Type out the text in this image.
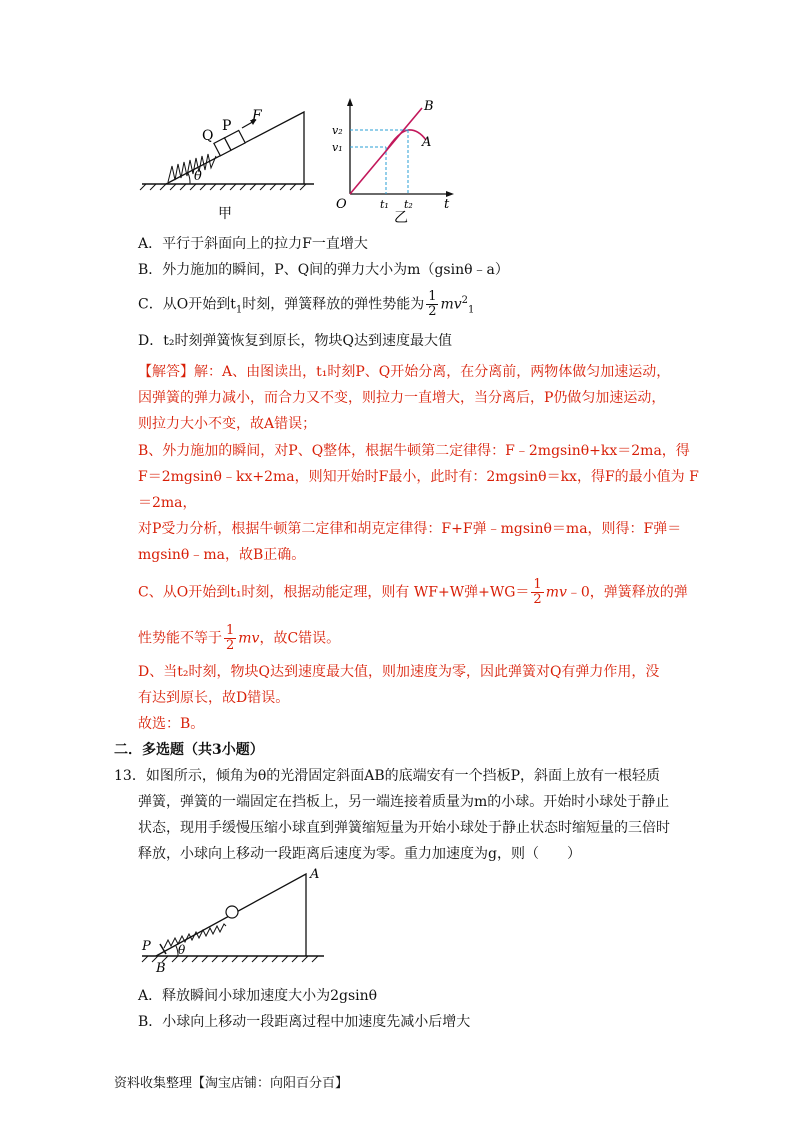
Q
P
F
θ
甲
B
A
v₂
v₁
O	t₁ t₂ t
乙
A．平行于斜面向上的拉力F一直增大
B．外力施加的瞬间，P、Q间的弹力大小为m（gsinθ﹣a）
C．从O开始到$t_1$时刻，弹簧释放的弹性势能为 $\frac{1}{2} mv^2_1$
D．t₂时刻弹簧恢复到原长，物块Q达到速度最大值
【解答】解：A、由图读出，t₁时刻P、Q开始分离，在分离前，两物体做匀加速运动，
因弹簧的弹力减小，而合力又不变，则拉力一直增大，当分离后，P仍做匀加速运动，
则拉力大小不变，故A错误；
B、外力施加的瞬间，对P、Q整体，根据牛顿第二定律得：F﹣2mgsinθ+kx＝2ma，得
F＝2mgsinθ﹣kx+2ma，则知开始时F最小，此时有：2mgsinθ＝kx，得F的最小值为 F
＝2ma，
对P受力分析，根据牛顿第二定律和胡克定律得：F+F弹﹣mgsinθ＝ma，则得：F弹＝
mgsinθ﹣ma，故B正确。
C、从O开始到t₁时刻，根据动能定理，则有 WF+W弹$+WG= \frac{1}{2}$ mv﹣0，弹簧释放的弹
性势能不等于 $\frac{1}{2}$ mv，故C错误。
D、当t₂时刻，物块Q达到速度最大值，则加速度为零，因此弹簧对Q有弹力作用，没
有达到原长，故D错误。
故选：B。
二．多选题（共3小题）
13．如图所示，倾角为θ的光滑固定斜面AB的底端安有一个挡板P，斜面上放有一根轻质
弹簧，弹簧的一端固定在挡板上，另一端连接着质量为m的小球。开始时小球处于静止
状态，现用手缓慢压缩小球直到弹簧缩短量为开始小球处于静止状态时缩短量的三倍时
释放，小球向上移动一段距离后速度为零。重力加速度为g，则（　　）
A
P θ
B
A．释放瞬间小球加速度大小为2gsinθ
B．小球向上移动一段距离过程中加速度先减小后增大
资料收集整理【淘宝店铺：向阳百分百】
